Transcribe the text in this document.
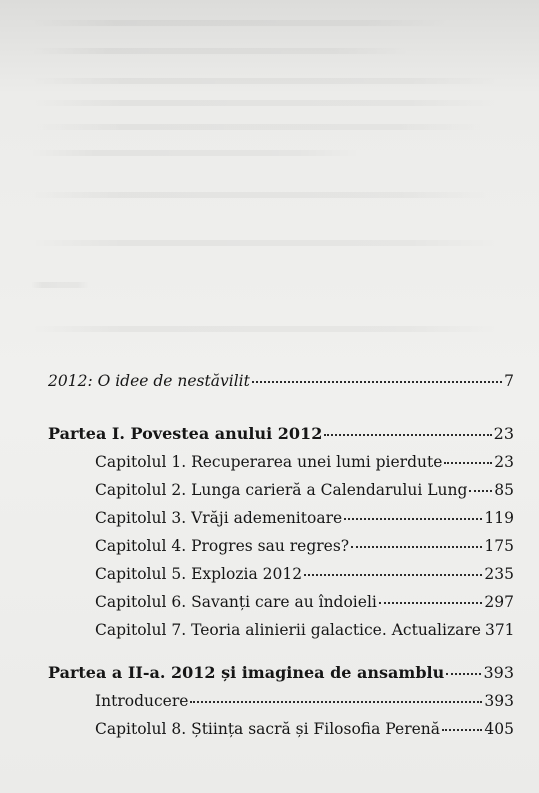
2012: O idee de nestăvilit	7
Partea I. Povestea anului 2012	23
Capitolul 1. Recuperarea unei lumi pierdute	23
Capitolul 2. Lunga carieră a Calendarului Lung 85
Capitolul 3. Vrăji ademenitoare	119
Capitolul 4. Progres sau regres?	175
Capitolul 5. Explozia 2012	235
Capitolul 6. Savanți care au îndoieli	297
Capitolul 7. Teoria alinierii galactice. Actualizare 371
Partea a II-a. 2012 și imaginea de ansamblu 393
Introducere	393
Capitolul 8. Știința sacră și Filosofia Perenă	405
